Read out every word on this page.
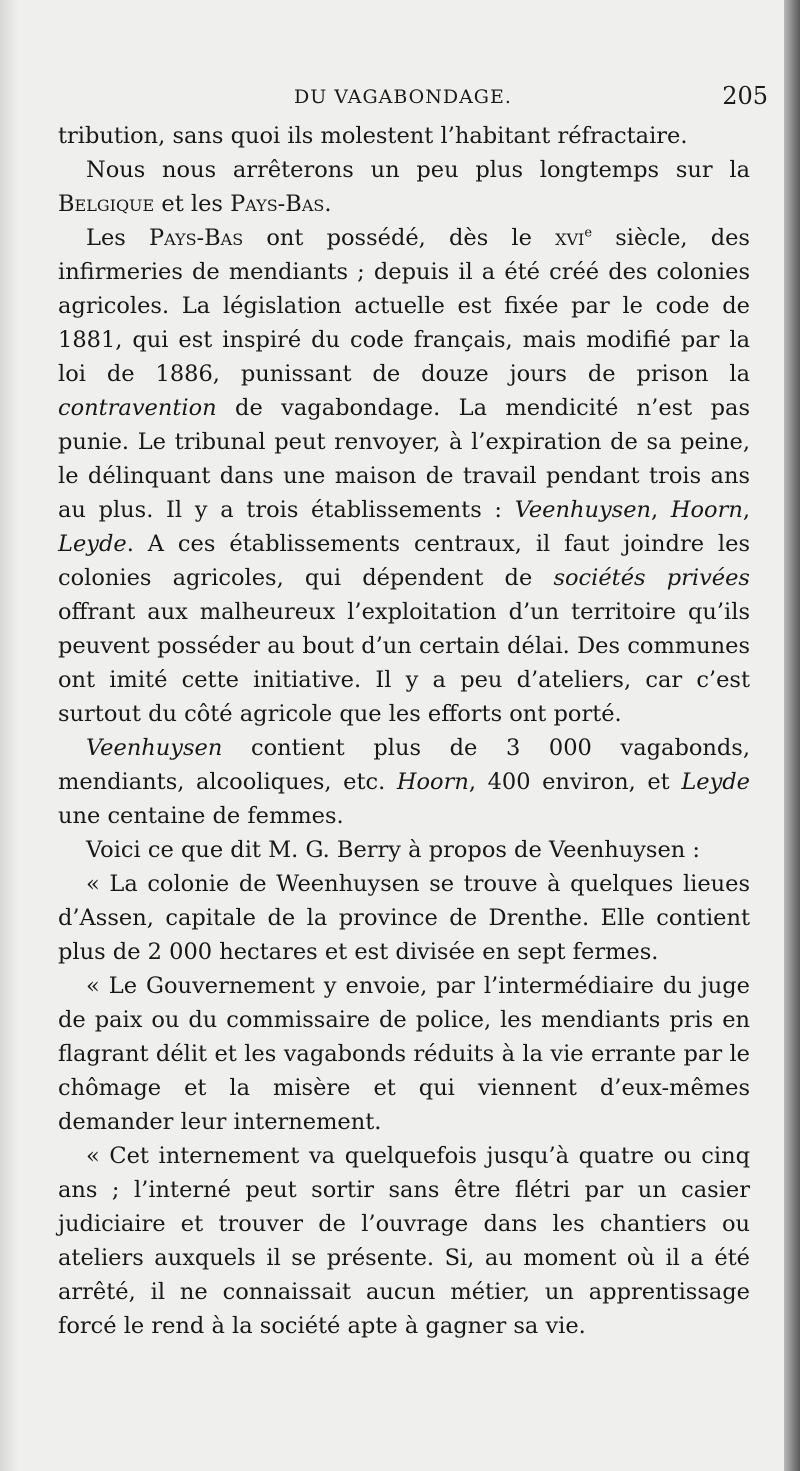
DU VAGABONDAGE.	205

tribution, sans quoi ils molestent l’habitant réfractaire.

Nous nous arrêterons un peu plus longtemps sur la Belgique et les Pays-Bas.

Les Pays-Bas ont possédé, dès le xvi$^e$ siècle, des infirmeries de mendiants ; depuis il a été créé des colonies agricoles. La législation actuelle est fixée par le code de 1881, qui est inspiré du code français, mais modifié par la loi de 1886, punissant de douze jours de prison la contravention de vagabondage. La mendicité n’est pas punie. Le tribunal peut renvoyer, à l’expiration de sa peine, le délinquant dans une maison de travail pendant trois ans au plus. Il y a trois établissements : Veenhuysen, Hoorn, Leyde. A ces établissements centraux, il faut joindre les colonies agricoles, qui dépendent de sociétés privées offrant aux malheureux l’exploitation d’un territoire qu’ils peuvent posséder au bout d’un certain délai. Des communes ont imité cette initiative. Il y a peu d’ateliers, car c’est surtout du côté agricole que les efforts ont porté.

Veenhuysen contient plus de 3 000 vagabonds, mendiants, alcooliques, etc. Hoorn, 400 environ, et Leyde une centaine de femmes.

Voici ce que dit M. G. Berry à propos de Veenhuysen :

« La colonie de Weenhuysen se trouve à quelques lieues d’Assen, capitale de la province de Drenthe. Elle contient plus de 2 000 hectares et est divisée en sept fermes.

« Le Gouvernement y envoie, par l’intermédiaire du juge de paix ou du commissaire de police, les mendiants pris en flagrant délit et les vagabonds réduits à la vie errante par le chômage et la misère et qui viennent d’eux-mêmes demander leur internement.

« Cet internement va quelquefois jusqu’à quatre ou cinq ans ; l’interné peut sortir sans être flétri par un casier judiciaire et trouver de l’ouvrage dans les chantiers ou ateliers auxquels il se présente. Si, au moment où il a été arrêté, il ne connaissait aucun métier, un apprentissage forcé le rend à la société apte à gagner sa vie.
